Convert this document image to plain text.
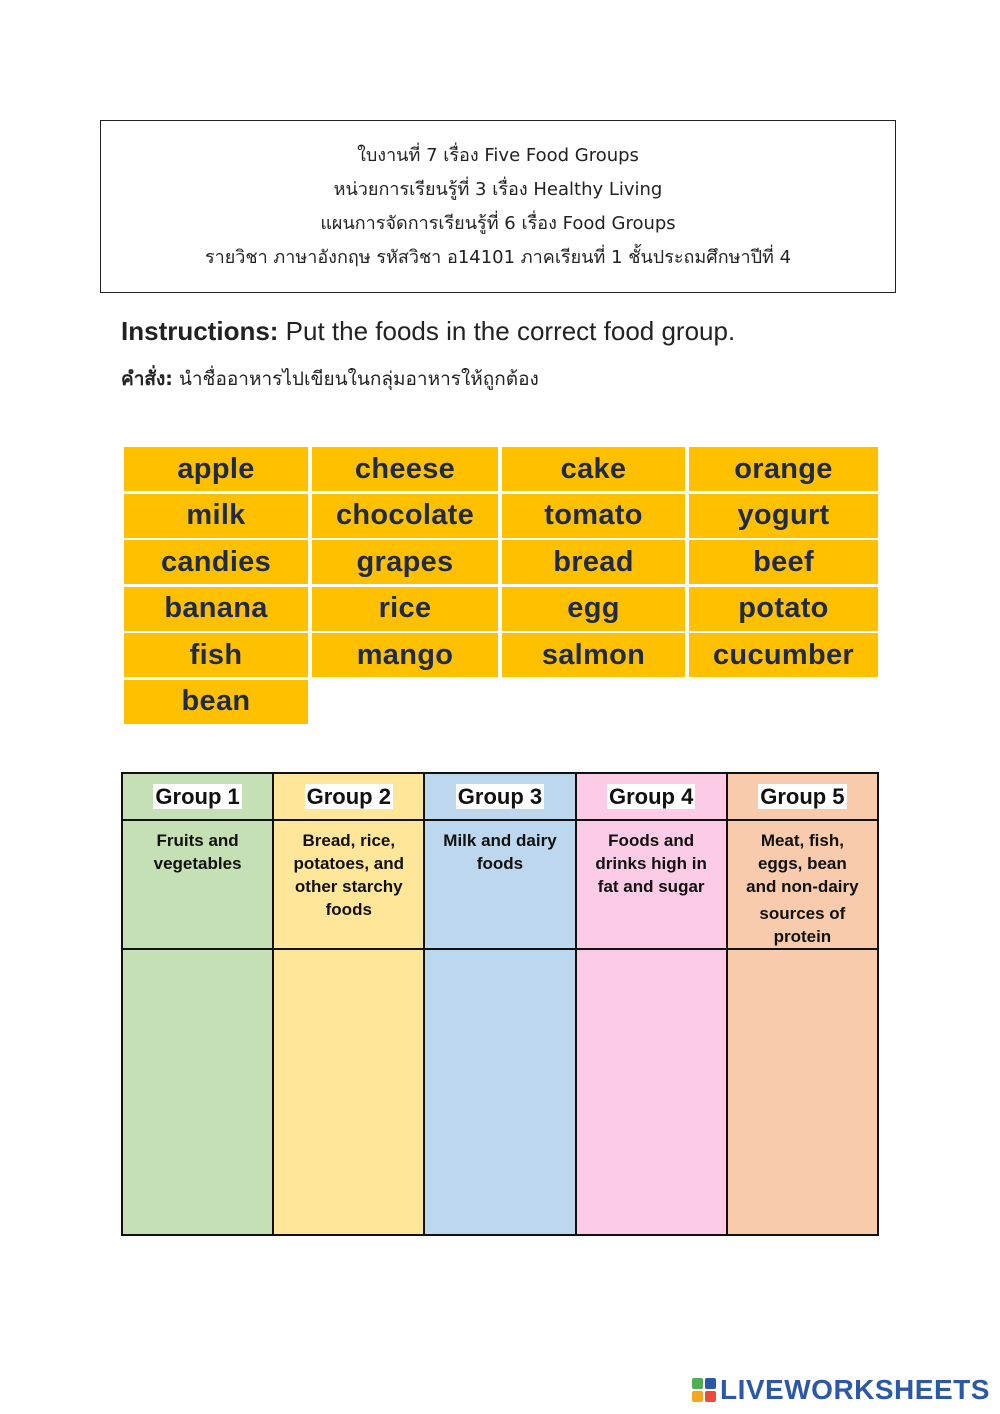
ใบงานที่ 7 เรื่อง Five Food Groups
หน่วยการเรียนรู้ที่ 3 เรื่อง Healthy Living
แผนการจัดการเรียนรู้ที่ 6 เรื่อง Food Groups
รายวิชา ภาษาอังกฤษ รหัสวิชา อ14101 ภาคเรียนที่ 1 ชั้นประถมศึกษาปีที่ 4
Instructions: Put the foods in the correct food group.
คำสั่ง: นำชื่ออาหารไปเขียนในกลุ่มอาหารให้ถูกต้อง
apple	cheese	cake	orange
milk	chocolate	tomato	yogurt
candies	grapes	bread	beef
banana	rice	egg	potato
fish	mango	salmon	cucumber
bean
Group 1	Group 2	Group 3	Group 4	Group 5

Fruits and
vegetables	Bread, rice,
potatoes, and
other starchy
foods	Milk and dairy
foods	Foods and
drinks high in
fat and sugar	Meat, fish,
eggs, bean
and non-dairy
sources of
protein

LIVEWORKSHEETS
